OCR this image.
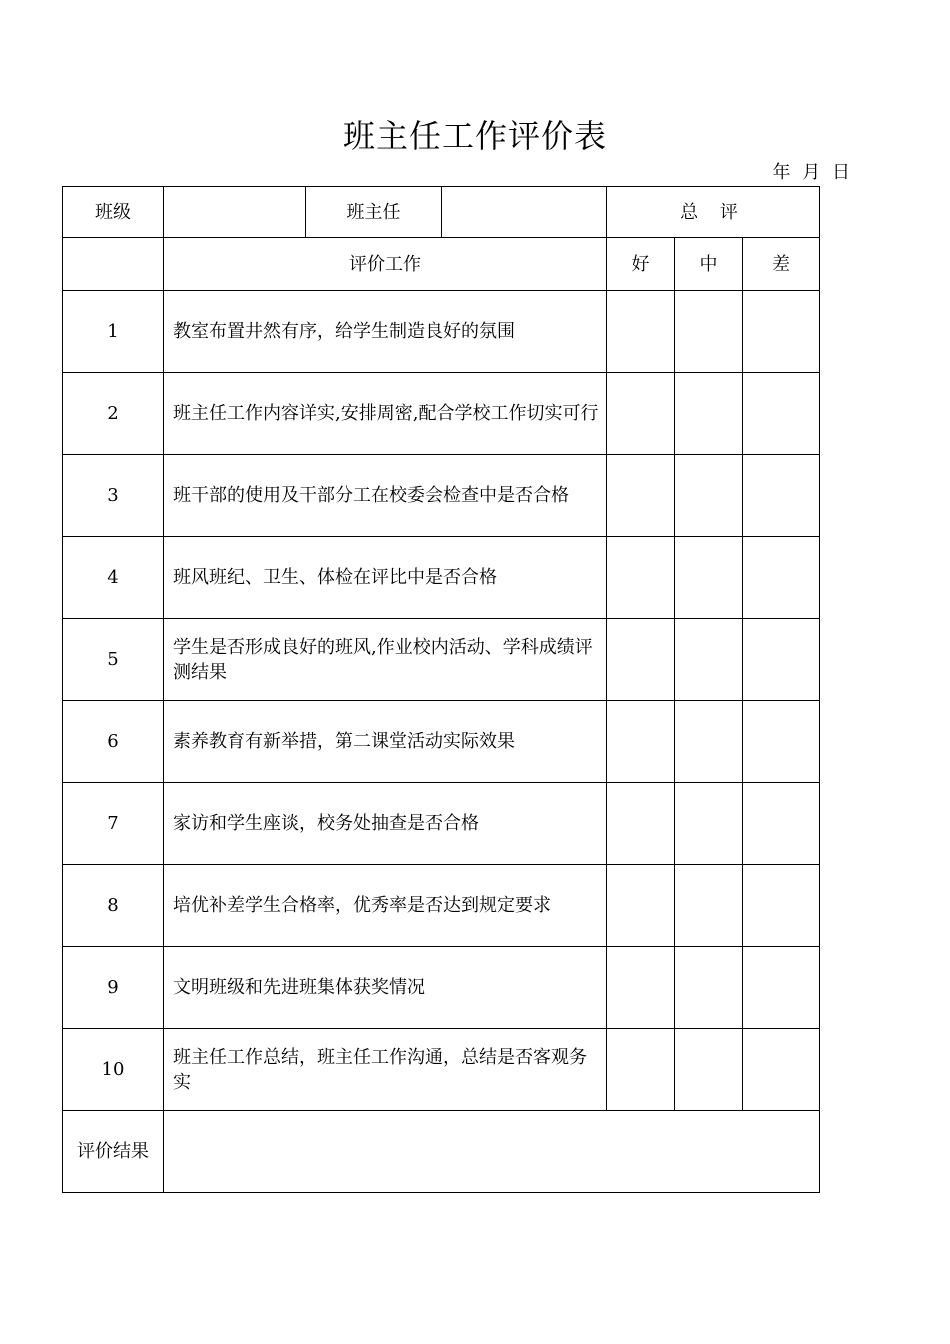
班主任工作评价表
年 月 日
班级		班主任		总 评		
	评价工作			好	中	差
1	教室布置井然有序，给学生制造良好的氛围					
2	班主任工作内容详实,安排周密,配合学校工作切实可行					
3	班干部的使用及干部分工在校委会检查中是否合格					
4	班风班纪、卫生、体检在评比中是否合格					
5	学生是否形成良好的班风,作业校内活动、学科成绩评测结果					
6	素养教育有新举措，第二课堂活动实际效果					
7	家访和学生座谈，校务处抽查是否合格					
8	培优补差学生合格率，优秀率是否达到规定要求					
9	文明班级和先进班集体获奖情况					
10	班主任工作总结，班主任工作沟通，总结是否客观务实					
评价结果						
